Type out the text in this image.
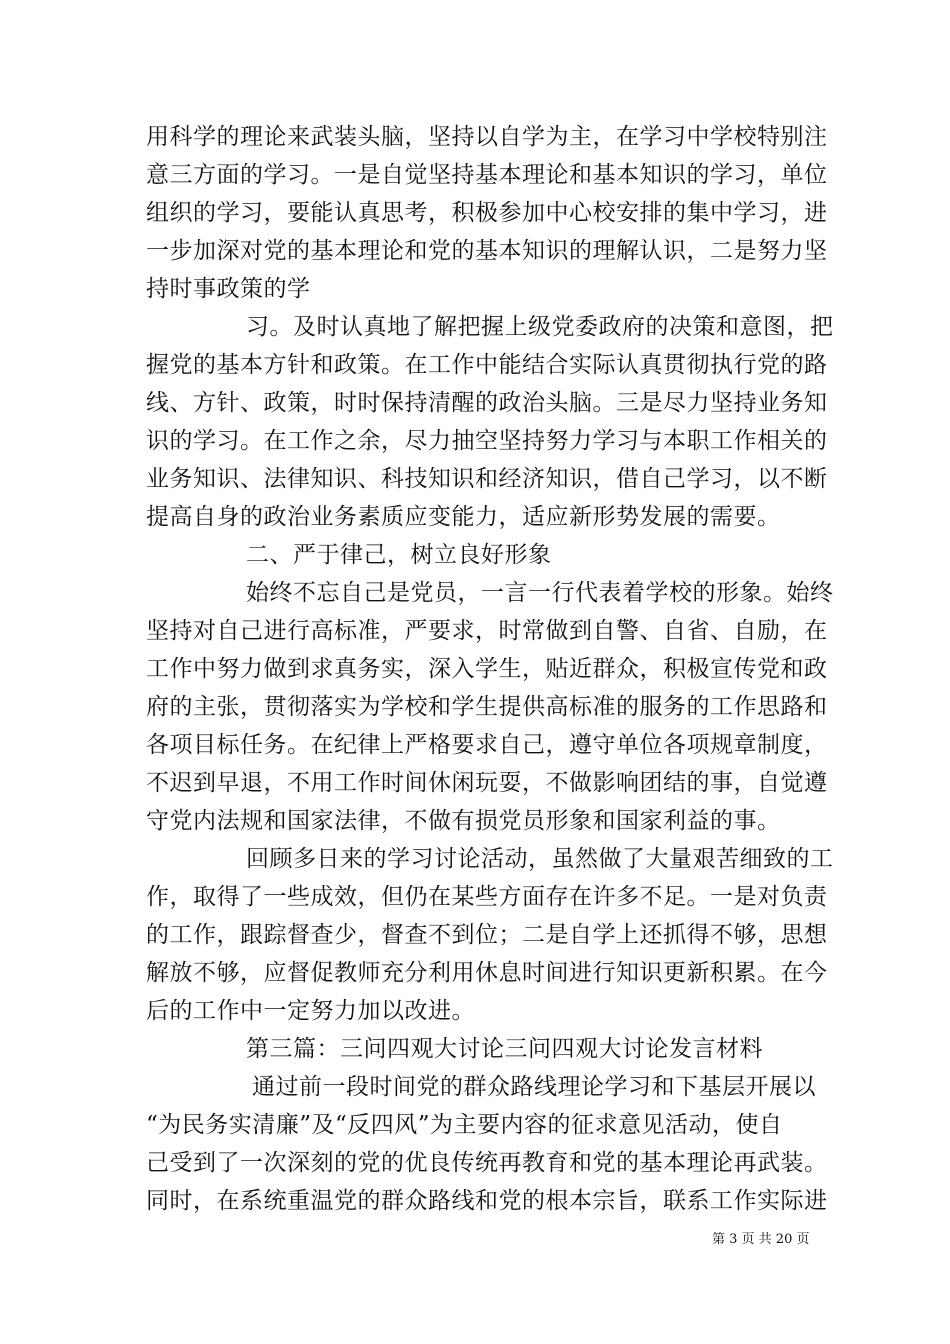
用科学的理论来武装头脑，坚持以自学为主，在学习中学校特别注
意三方面的学习。一是自觉坚持基本理论和基本知识的学习，单位
组织的学习，要能认真思考，积极参加中心校安排的集中学习，进
一步加深对党的基本理论和党的基本知识的理解认识，二是努力坚
持时事政策的学
习。及时认真地了解把握上级党委政府的决策和意图，把
握党的基本方针和政策。在工作中能结合实际认真贯彻执行党的路
线、方针、政策，时时保持清醒的政治头脑。三是尽力坚持业务知
识的学习。在工作之余，尽力抽空坚持努力学习与本职工作相关的
业务知识、法律知识、科技知识和经济知识，借自己学习，以不断
提高自身的政治业务素质应变能力，适应新形势发展的需要。
二、严于律己，树立良好形象
始终不忘自己是党员，一言一行代表着学校的形象。始终
坚持对自己进行高标准，严要求，时常做到自警、自省、自励，在
工作中努力做到求真务实，深入学生，贴近群众，积极宣传党和政
府的主张，贯彻落实为学校和学生提供高标准的服务的工作思路和
各项目标任务。在纪律上严格要求自己，遵守单位各项规章制度，
不迟到早退，不用工作时间休闲玩耍，不做影响团结的事，自觉遵
守党内法规和国家法律，不做有损党员形象和国家利益的事。
回顾多日来的学习讨论活动，虽然做了大量艰苦细致的工
作，取得了一些成效，但仍在某些方面存在许多不足。一是对负责
的工作，跟踪督查少，督查不到位；二是自学上还抓得不够，思想
解放不够，应督促教师充分利用休息时间进行知识更新积累。在今
后的工作中一定努力加以改进。
第三篇：三问四观大讨论三问四观大讨论发言材料
通过前一段时间党的群众路线理论学习和下基层开展以
“为民务实清廉”及“反四风”为主要内容的征求意见活动，使自
己受到了一次深刻的党的优良传统再教育和党的基本理论再武装。
同时，在系统重温党的群众路线和党的根本宗旨，联系工作实际进
第 3 页 共 20 页
